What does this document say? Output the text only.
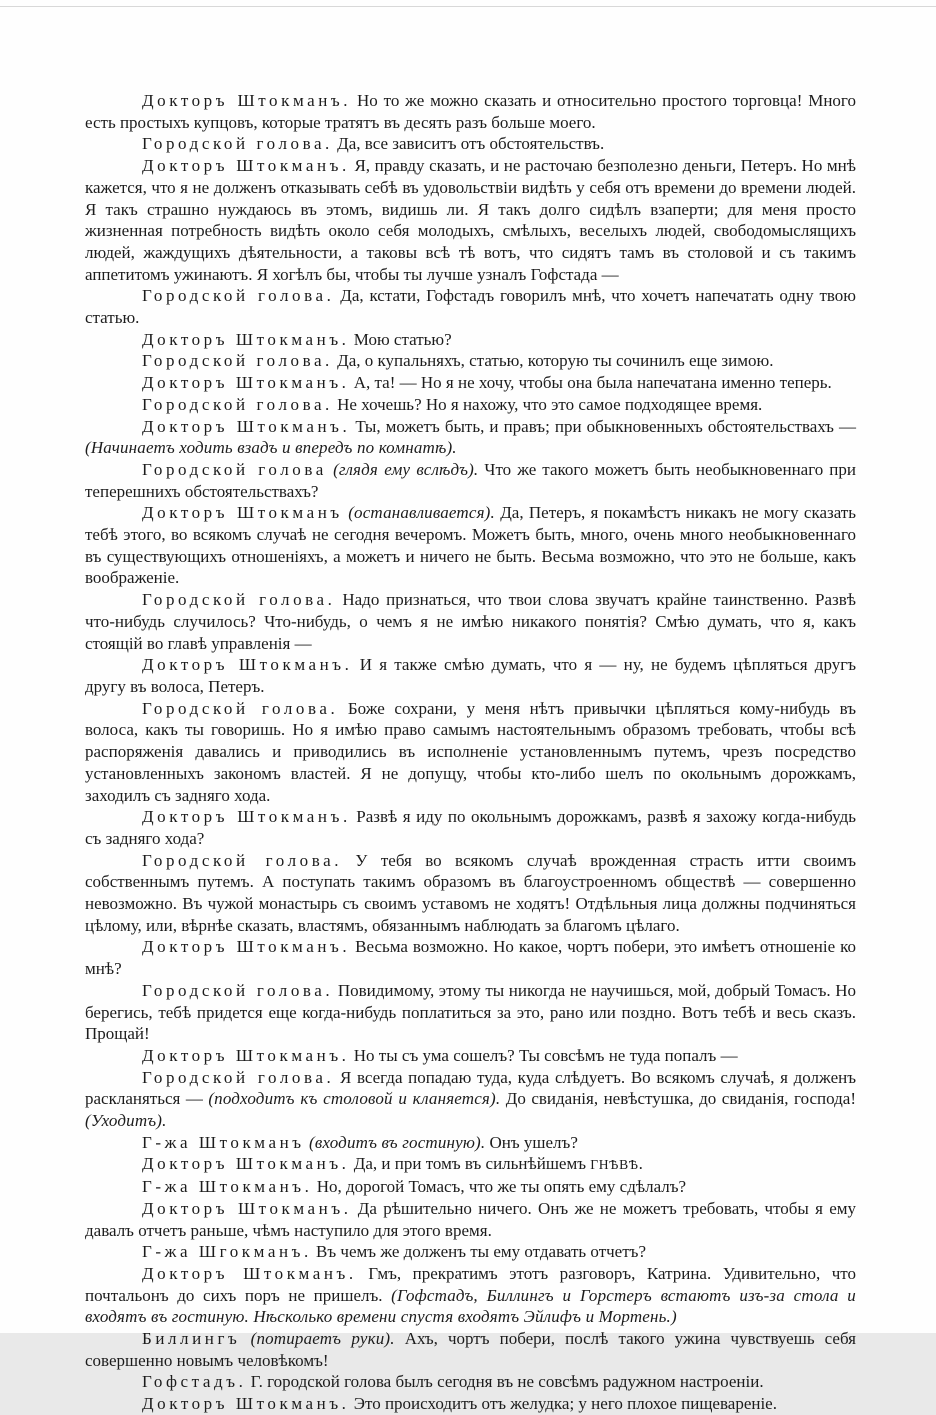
Докторъ Штокманъ. Но то же можно сказать и относительно простого торговца! Много есть простыхъ купцовъ, которые тратятъ въ десять разъ больше моего.

Городской голова. Да, все зависитъ отъ обстоятельствъ.

Докторъ Штокманъ. Я, правду сказать, и не расточаю безполезно деньги, Петеръ. Но мнѣ кажется, что я не долженъ отказывать себѣ въ удовольствіи видѣть у себя отъ времени до времени людей. Я такъ страшно нуждаюсь въ этомъ, видишь ли. Я такъ долго сидѣлъ взаперти; для меня просто жизненная потребность видѣть около себя молодыхъ, смѣлыхъ, веселыхъ людей, свободомыслящихъ людей, жаждущихъ дѣятельности, а таковы всѣ тѣ вотъ, что сидятъ тамъ въ столовой и съ такимъ аппетитомъ ужинаютъ. Я хогѣлъ бы, чтобы ты лучше узналъ Гофстада —

Городской голова. Да, кстати, Гофстадъ говорилъ мнѣ, что хочетъ напечатать одну твою статью.

Докторъ Штокманъ. Мою статью?

Городской голова. Да, о купальняхъ, статью, которую ты сочинилъ еще зимою.

Докторъ Штокманъ. А, та! — Но я не хочу, чтобы она была напечатана именно теперь.

Городской голова. Не хочешь? Но я нахожу, что это самое подходящее время.

Докторъ Штокманъ. Ты, можетъ быть, и правъ; при обыкновенныхъ обстоятельствахъ — (Начинаетъ ходить взадъ и впередъ по комнатѣ).

Городской голова (глядя ему вслѣдъ). Что же такого можетъ быть необыкновеннаго при теперешнихъ обстоятельствахъ?

Докторъ Штокманъ (останавливается). Да, Петеръ, я покамѣстъ никакъ не могу сказать тебѣ этого, во всякомъ случаѣ не сегодня вечеромъ. Можетъ быть, много, очень много необыкновеннаго въ существующихъ отношеніяхъ, а можетъ и ничего не быть. Весьма возможно, что это не больше, какъ воображеніе.

Городской голова. Надо признаться, что твои слова звучатъ крайне таинственно. Развѣ что-нибудь случилось? Что-нибудь, о чемъ я не имѣю никакого понятія? Смѣю думать, что я, какъ стоящій во главѣ управленія —

Докторъ Штокманъ. И я также смѣю думать, что я — ну, не будемъ цѣпляться другъ другу въ волоса, Петеръ.

Городской голова. Боже сохрани, у меня нѣтъ привычки цѣпляться кому-нибудь въ волоса, какъ ты говоришь. Но я имѣю право самымъ настоятельнымъ образомъ требовать, чтобы всѣ распоряженія давались и приводились въ исполненіе установленнымъ путемъ, чрезъ посредство установленныхъ закономъ властей. Я не допущу, чтобы кто-либо шелъ по окольнымъ дорожкамъ, заходилъ съ задняго хода.

Докторъ Штокманъ. Развѣ я иду по окольнымъ дорожкамъ, развѣ я захожу когда-нибудь съ задняго хода?

Городской голова. У тебя во всякомъ случаѣ врожденная страсть итти своимъ собственнымъ путемъ. А поступать такимъ образомъ въ благоустроенномъ обществѣ — совершенно невозможно. Въ чужой монастырь съ своимъ уставомъ не ходятъ! Отдѣльныя лица должны подчиняться цѣлому, или, вѣрнѣе сказать, властямъ, обязаннымъ наблюдать за благомъ цѣлаго.

Докторъ Штокманъ. Весьма возможно. Но какое, чортъ побери, это имѣетъ отношеніе ко мнѣ?

Городской голова. Повидимому, этому ты никогда не научишься, мой, добрый Томасъ. Но берегись, тебѣ придется еще когда-нибудь поплатиться за это, рано или поздно. Вотъ тебѣ и весь сказъ. Прощай!

Докторъ Штокманъ. Но ты съ ума сошелъ? Ты совсѣмъ не туда попалъ —

Городской голова. Я всегда попадаю туда, куда слѣдуетъ. Во всякомъ случаѣ, я долженъ раскланяться — (подходитъ къ столовой и кланяется). До свиданія, невѣстушка, до свиданія, господа! (Уходитъ).

Г-жа Штокманъ (входитъ въ гостиную). Онъ ушелъ?

Докторъ Штокманъ. Да, и при томъ въ сильнѣйшемъ ГНѢВѢ.

Г-жа Штокманъ. Но, дорогой Томасъ, что же ты опять ему сдѣлалъ?

Докторъ Штокманъ. Да рѣшительно ничего. Онъ же не можетъ требовать, чтобы я ему давалъ отчетъ раньше, чѣмъ наступило для этого время.

Г-жа Шгокманъ. Въ чемъ же долженъ ты ему отдавать отчетъ?

Докторъ Штокманъ. Гмъ, прекратимъ этотъ разговоръ, Катрина. Удивительно, что почтальонъ до сихъ поръ не пришелъ. (Гофстадъ, Биллингъ и Горстеръ встаютъ изъ-за стола и входятъ въ гостиную. Нѣсколько времени спустя входятъ Эйлифъ и Мортень.)

Биллингъ (потираетъ руки). Ахъ, чортъ побери, послѣ такого ужина чувствуешь себя совершенно новымъ человѣкомъ!

Гофстадъ. Г. городской голова былъ сегодня въ не совсѣмъ радужном настроеніи.

Докторъ Штокманъ. Это происходитъ отъ желудка; у него плохое пищевареніе.
